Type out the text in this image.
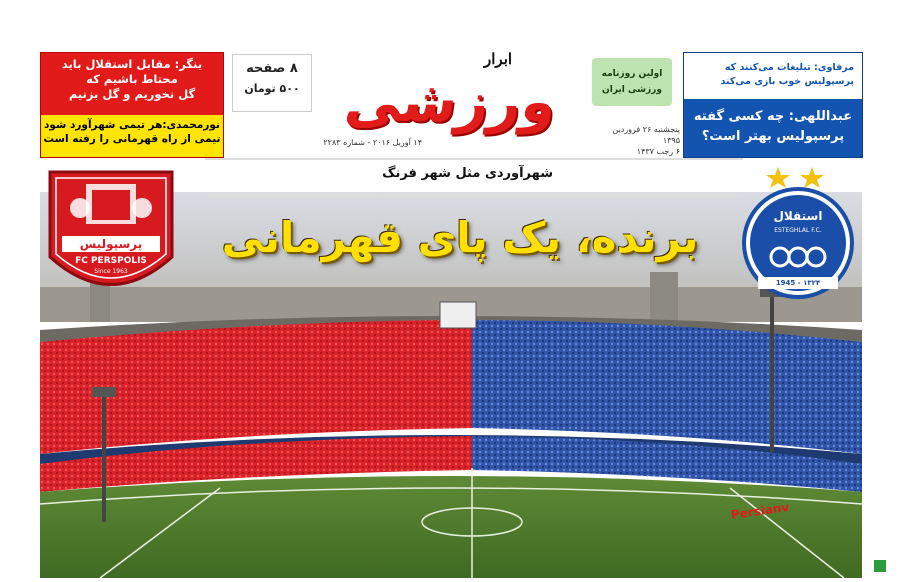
ینگر: مقابل استقلال باید
محتاط باشیم که
گل نخوریم و گل بزنیم
نورمحمدی:هر تیمی شهرآورد شود
تیمی از راه قهرمانی را رفته است
۸ صفحه
۵۰۰ تومان
۱۴ آوریل ۲۰۱۶ - شماره ۲۲۸۳
ابرار
ورزشی	اولین روزنامه
ورزشی ایران
پنجشنبه ۲۶ فروردین ۱۳۹۵
۶ رجب ۱۴۳۷
مرفاوی: تبلیغات می‌کنند که
پرسپولیس خوب بازی می‌کند
عبداللهی: چه کسی گفته
پرسپولیس بهتر است؟
شهرآوردی مثل شهر فرنگ
برنده، یک پای قهرمانی
پرسپولیس
FC PERSPOLIS
Since 1963
استقلال
ESTEGHLAL F.C.
1945 - ۱۳۲۴
Persianv
